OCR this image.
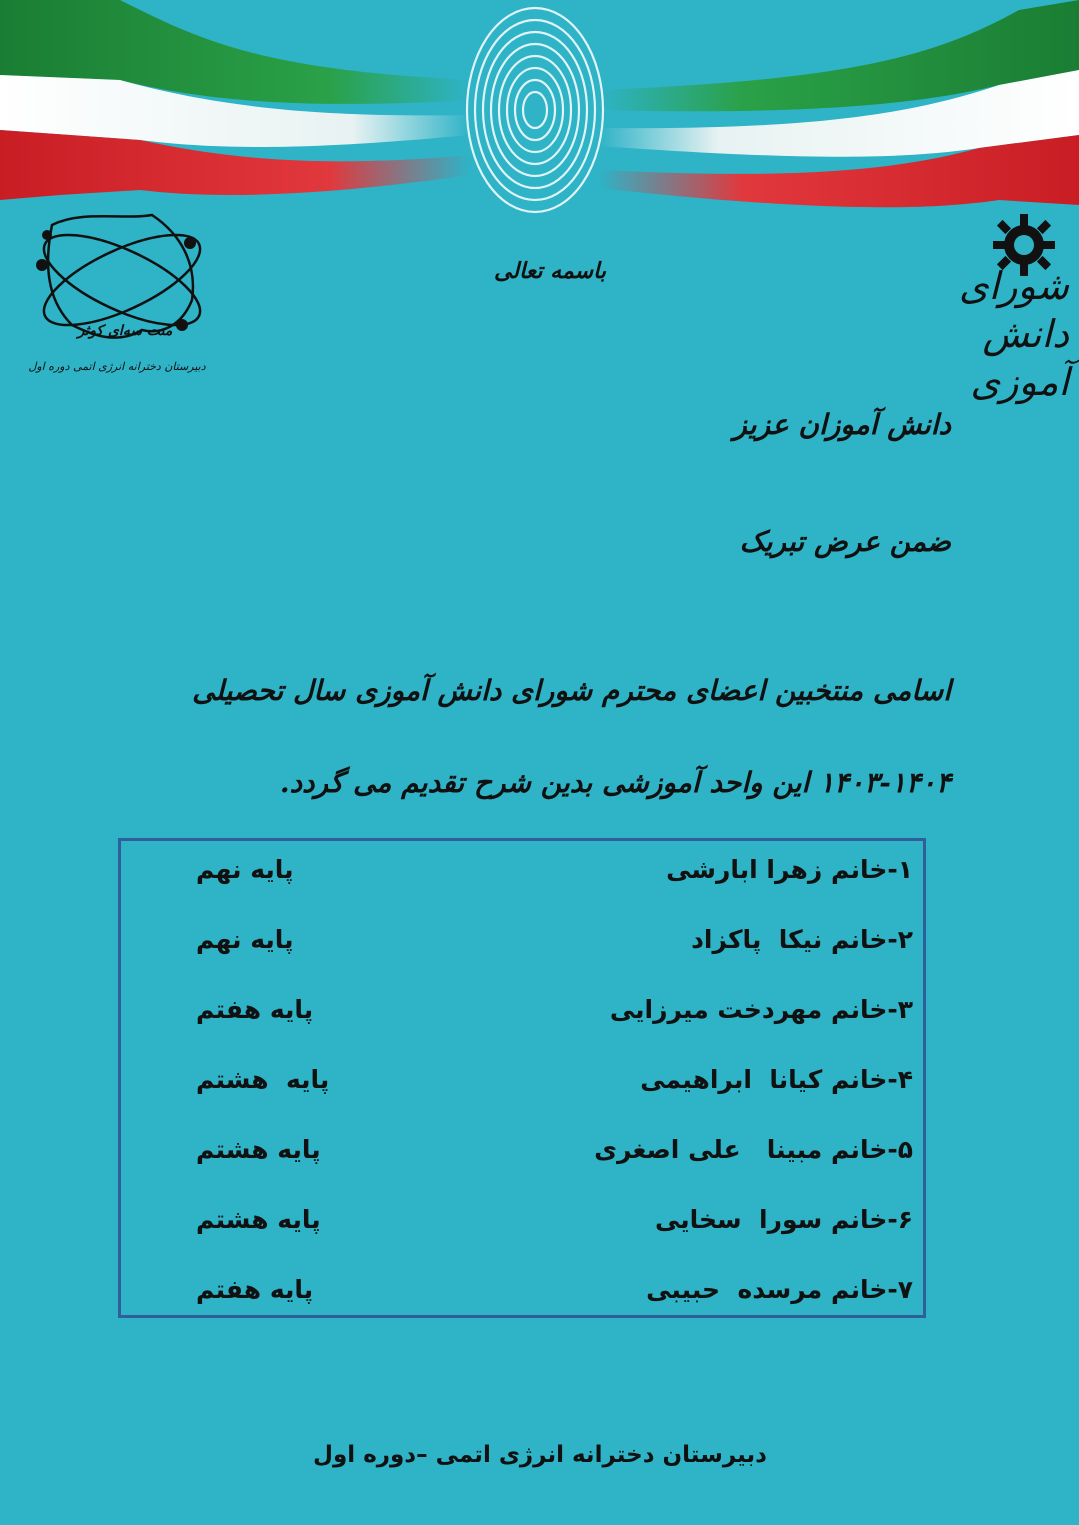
باسمه تعالی
منت سه‌ای کوثر
دبیرستان دخترانه انرژی اتمی دوره اول
شورای دانش آموزی
دانش آموزان عزیز
ضمن عرض تبریک
اسامی منتخبین اعضای محترم شورای دانش آموزی سال تحصیلی ۱۴۰۴-۱۴۰۳ این واحد آموزشی بدین شرح تقدیم می گردد.
۱-خانم زهرا ابارشی
پایه نهم
۲-خانم نیکا  پاکزاد
پایه نهم
۳-خانم مهردخت میرزایی
پایه هفتم
۴-خانم کیانا  ابراهیمی
پایه  هشتم
۵-خانم مبینا   علی اصغری
پایه هشتم
۶-خانم سورا  سخایی
پایه هشتم
۷-خانم مرسده  حبیبی
پایه هفتم
دبیرستان دخترانه انرژی اتمی –دوره اول
